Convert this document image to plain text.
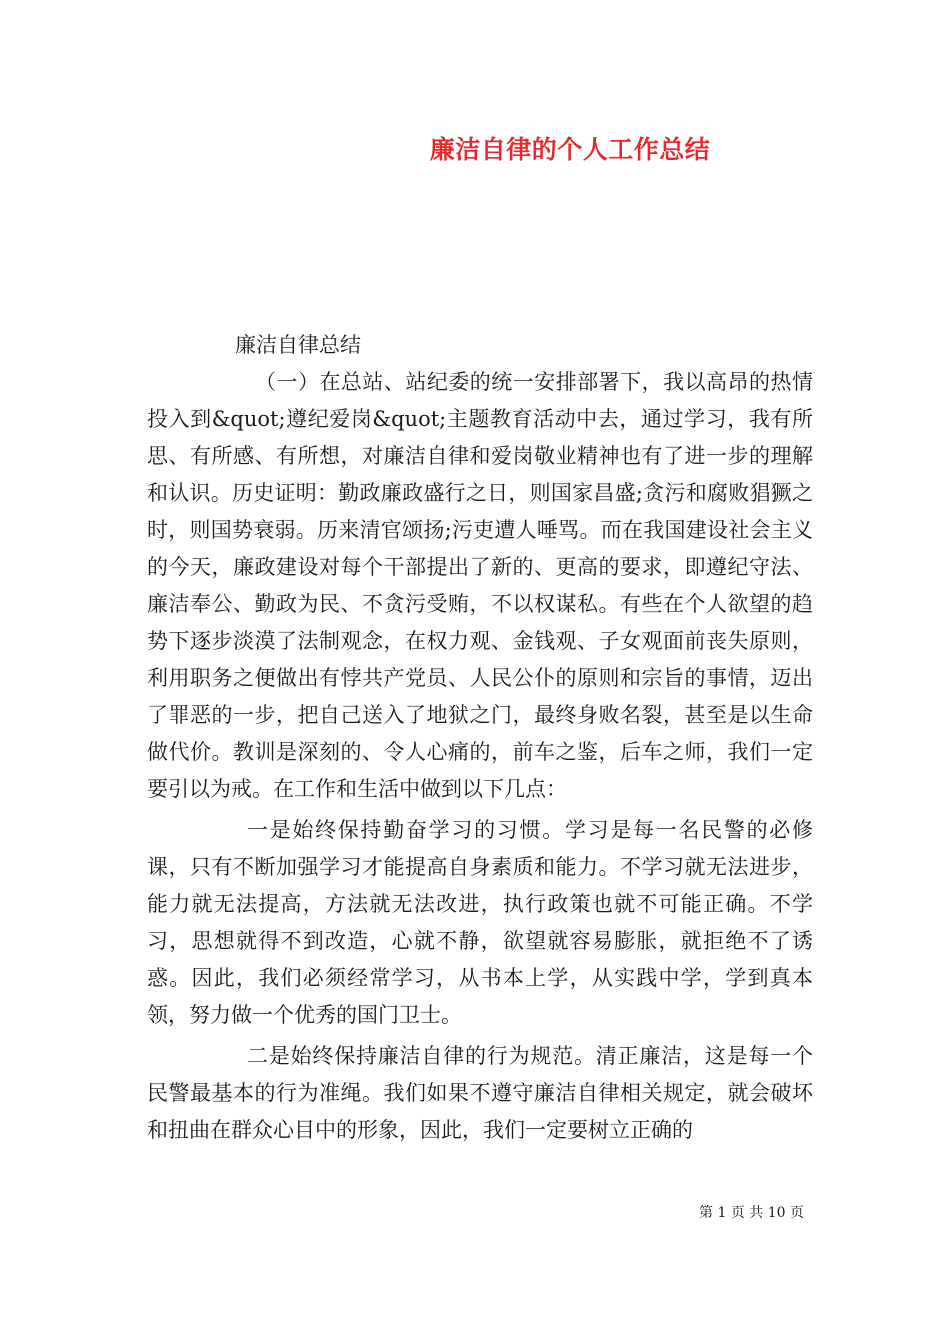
廉洁自律的个人工作总结

廉洁自律总结

（一）在总站、站纪委的统一安排部署下，我以高昂的热情投入到&quot;遵纪爱岗&quot;主题教育活动中去，通过学习，我有所思、有所感、有所想，对廉洁自律和爱岗敬业精神也有了进一步的理解和认识。历史证明：勤政廉政盛行之日，则国家昌盛;贪污和腐败猖獗之时，则国势衰弱。历来清官颂扬;污吏遭人唾骂。而在我国建设社会主义的今天，廉政建设对每个干部提出了新的、更高的要求，即遵纪守法、廉洁奉公、勤政为民、不贪污受贿，不以权谋私。有些在个人欲望的趋势下逐步淡漠了法制观念，在权力观、金钱观、子女观面前丧失原则，利用职务之便做出有悖共产党员、人民公仆的原则和宗旨的事情，迈出了罪恶的一步，把自己送入了地狱之门，最终身败名裂，甚至是以生命做代价。教训是深刻的、令人心痛的，前车之鉴，后车之师，我们一定要引以为戒。在工作和生活中做到以下几点：

一是始终保持勤奋学习的习惯。学习是每一名民警的必修课，只有不断加强学习才能提高自身素质和能力。不学习就无法进步，能力就无法提高，方法就无法改进，执行政策也就不可能正确。不学习，思想就得不到改造，心就不静，欲望就容易膨胀，就拒绝不了诱惑。因此，我们必须经常学习，从书本上学，从实践中学，学到真本领，努力做一个优秀的国门卫士。

二是始终保持廉洁自律的行为规范。清正廉洁，这是每一个民警最基本的行为准绳。我们如果不遵守廉洁自律相关规定，就会破坏和扭曲在群众心目中的形象，因此，我们一定要树立正确的

第 1 页 共 10 页
